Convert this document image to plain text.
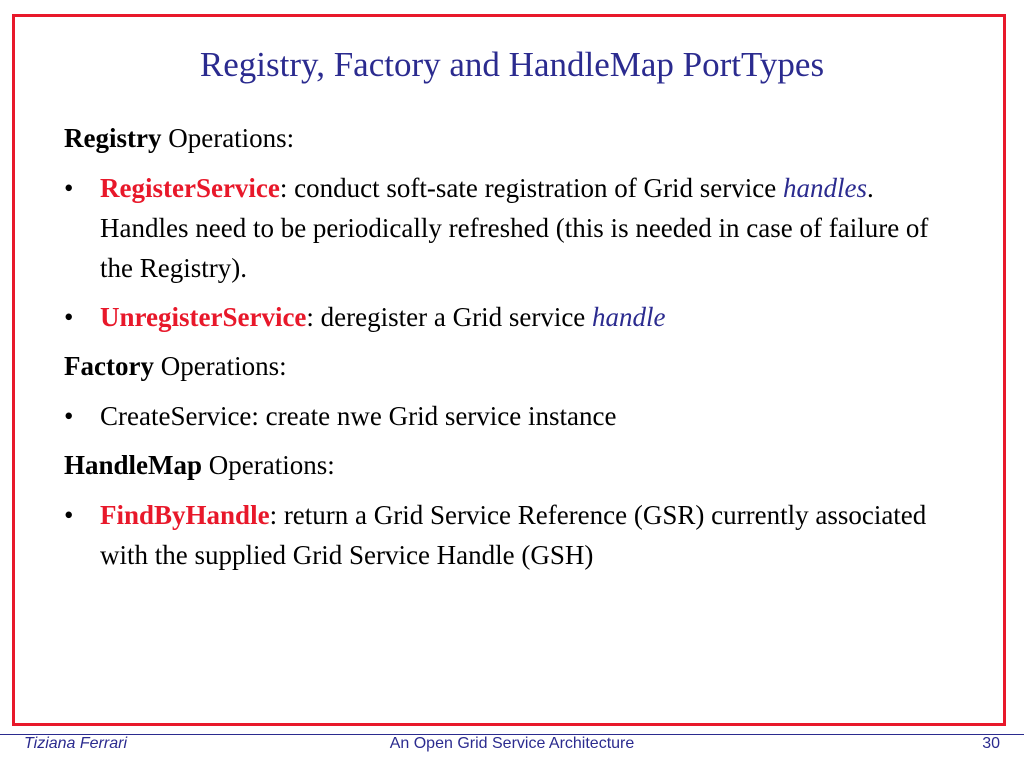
Registry, Factory and HandleMap PortTypes
Registry Operations:
• RegisterService: conduct soft-sate registration of Grid service handles. Handles need to be periodically refreshed (this is needed in case of failure of the Registry).
• UnregisterService: deregister a Grid service handle
Factory Operations:
• CreateService: create nwe Grid service instance
HandleMap Operations:
• FindByHandle: return a Grid Service Reference (GSR) currently associated with the supplied Grid Service Handle (GSH)
Tiziana Ferrari	An Open Grid Service Architecture	30
